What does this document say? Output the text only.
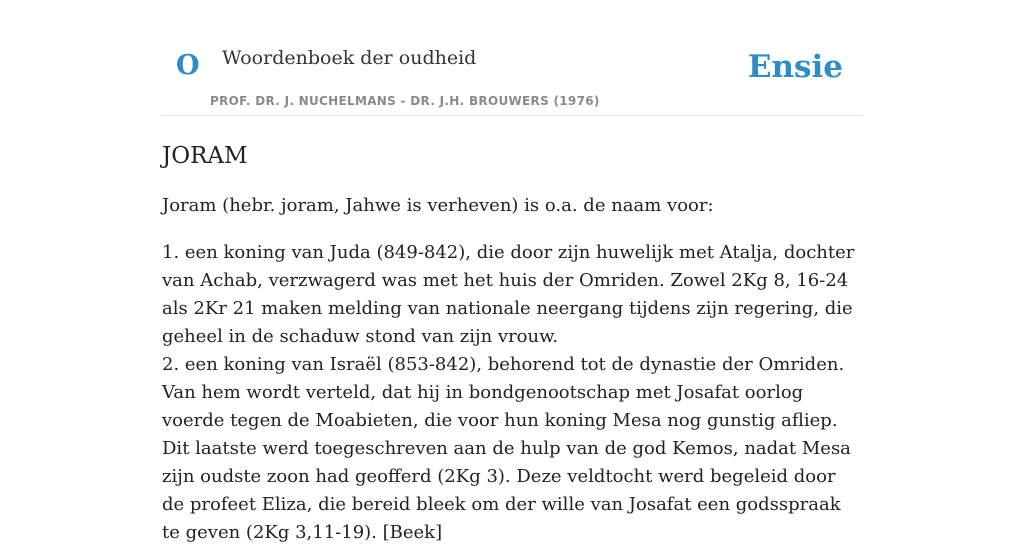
O Woordenboek der oudheid
PROF. DR. J. NUCHELMANS - DR. J.H. BROUWERS (1976)
Ensie
JORAM

Joram (hebr. joram, Jahwe is verheven) is o.a. de naam voor:

1. een koning van Juda (849-842), die door zijn huwelijk met Atalja, dochter van Achab, verzwagerd was met het huis der Omriden. Zowel 2Kg 8, 16-24 als 2Kr 21 maken melding van nationale neergang tijdens zijn regering, die geheel in de schaduw stond van zijn vrouw.

2. een koning van Israël (853-842), behorend tot de dynastie der Omriden. Van hem wordt verteld, dat hij in bondgenootschap met Josafat oorlog voerde tegen de Moabieten, die voor hun koning Mesa nog gunstig afliep. Dit laatste werd toegeschreven aan de hulp van de god Kemos, nadat Mesa zijn oudste zoon had geofferd (2Kg 3). Deze veldtocht werd begeleid door de profeet Eliza, die bereid bleek om der wille van Josafat een godsspraak te geven (2Kg 3,11-19). [Beek]
